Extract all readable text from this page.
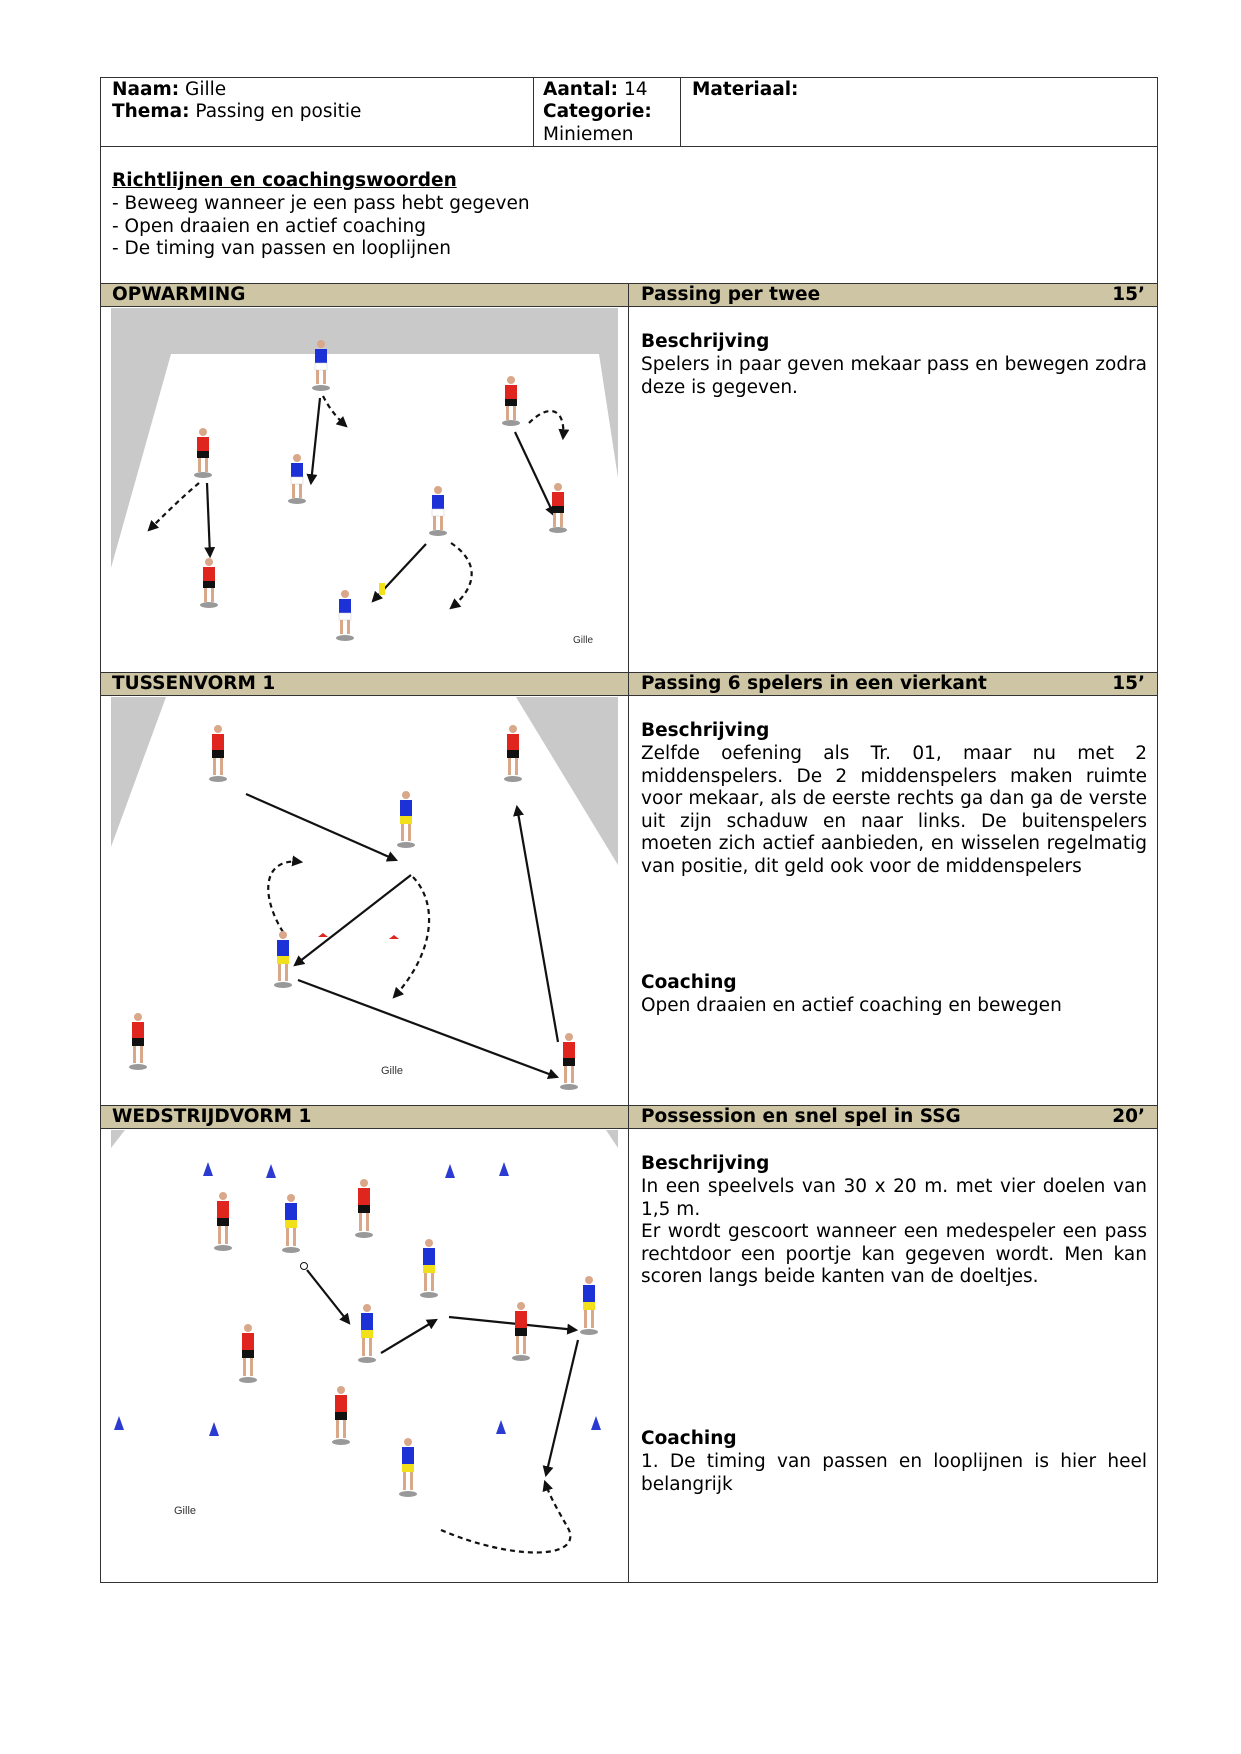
Naam: Gille
Thema: Passing en positie
Aantal: 14
Categorie:
Miniemen
Materiaal:
Richtlijnen en coachingswoorden
- Beweeg wanneer je een pass hebt gegeven
- Open draaien en actief coaching
- De timing van passen en looplijnen
OPWARMING	Passing per twee	15’
Gille
Beschrijving
Spelers in paar geven mekaar pass en bewegen zodra deze is gegeven.
TUSSENVORM 1	Passing 6 spelers in een vierkant	15’
Gille
Beschrijving
Zelfde oefening als Tr. 01, maar nu met 2 middenspelers. De 2 middenspelers maken ruimte voor mekaar, als de eerste rechts ga dan ga de verste uit zijn schaduw en naar links. De buitenspelers moeten zich actief aanbieden, en wisselen regelmatig van positie, dit geld ook voor de middenspelers
Coaching
Open draaien en actief coaching en bewegen
WEDSTRIJDVORM 1	Possession en snel spel in SSG	20’
Gille
Beschrijving
In een speelvels van 30 x 20 m. met vier doelen van 1,5 m.
Er wordt gescoort wanneer een medespeler een pass rechtdoor een poortje kan gegeven wordt. Men kan scoren langs beide kanten van de doeltjes.
Coaching
1. De timing van passen en looplijnen is hier heel belangrijk
